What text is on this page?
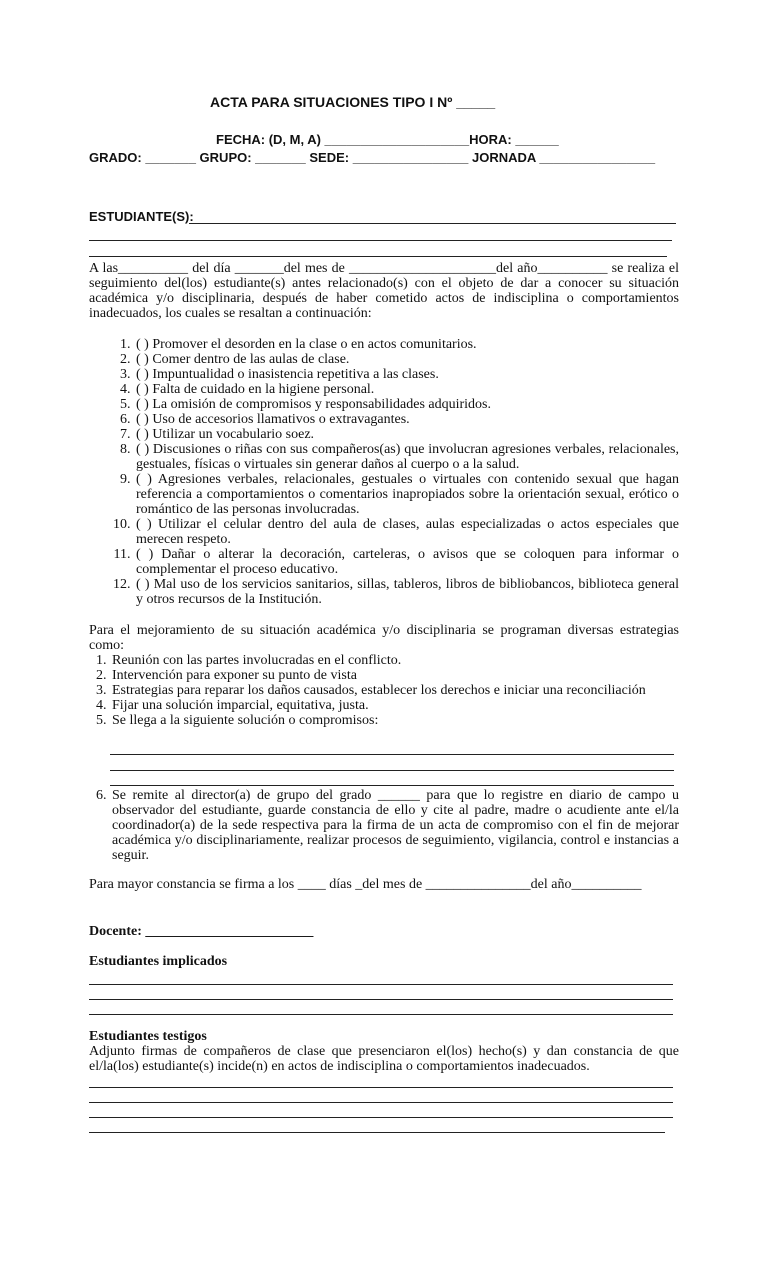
ACTA PARA SITUACIONES TIPO I Nº _____
FECHA: (D, M, A) ____________________HORA: ______
GRADO: _______ GRUPO: _______ SEDE: ________________ JORNADA ________________
ESTUDIANTE(S):
A las__________ del día _______del mes de _____________________del año__________ se realiza el seguimiento del(los) estudiante(s) antes relacionado(s) con el objeto de dar a conocer su situación académica y/o disciplinaria, después de haber cometido actos de indisciplina o comportamientos inadecuados, los cuales se resaltan a continuación:
1. ( ) Promover el desorden en la clase o en actos comunitarios.
2. ( ) Comer dentro de las aulas de clase.
3. ( ) Impuntualidad o inasistencia repetitiva a las clases.
4. ( ) Falta de cuidado en la higiene personal.
5. ( ) La omisión de compromisos y responsabilidades adquiridos.
6. ( ) Uso de accesorios llamativos o extravagantes.
7. ( ) Utilizar un vocabulario soez.
8. ( ) Discusiones o riñas con sus compañeros(as) que involucran agresiones verbales, relacionales, gestuales, físicas o virtuales sin generar daños al cuerpo o a la salud.
9. ( ) Agresiones verbales, relacionales, gestuales o virtuales con contenido sexual que hagan referencia a comportamientos o comentarios inapropiados sobre la orientación sexual, erótico o romántico de las personas involucradas.
10. ( ) Utilizar el celular dentro del aula de clases, aulas especializadas o actos especiales que merecen respeto.
11. ( ) Dañar o alterar la decoración, carteleras, o avisos que se coloquen para informar o complementar el proceso educativo.
12. ( ) Mal uso de los servicios sanitarios, sillas, tableros, libros de bibliobancos, biblioteca general y otros recursos de la Institución.
Para el mejoramiento de su situación académica y/o disciplinaria se programan diversas estrategias como:
1. Reunión con las partes involucradas en el conflicto.
2. Intervención para exponer su punto de vista
3. Estrategias para reparar los daños causados, establecer los derechos e iniciar una reconciliación
4. Fijar una solución imparcial, equitativa, justa.
5. Se llega a la siguiente solución o compromisos:
6. Se remite al director(a) de grupo del grado ______ para que lo registre en diario de campo u observador del estudiante, guarde constancia de ello y cite al padre, madre o acudiente ante el/la coordinador(a) de la sede respectiva para la firma de un acta de compromiso con el fin de mejorar académica y/o disciplinariamente, realizar procesos de seguimiento, vigilancia, control e instancias a seguir.
Para mayor constancia se firma a los ____ días _del mes de _______________del año__________
Docente: ________________________
Estudiantes implicados
Estudiantes testigos
Adjunto firmas de compañeros de clase que presenciaron el(los) hecho(s) y dan constancia de que el/la(los) estudiante(s) incide(n) en actos de indisciplina o comportamientos inadecuados.
